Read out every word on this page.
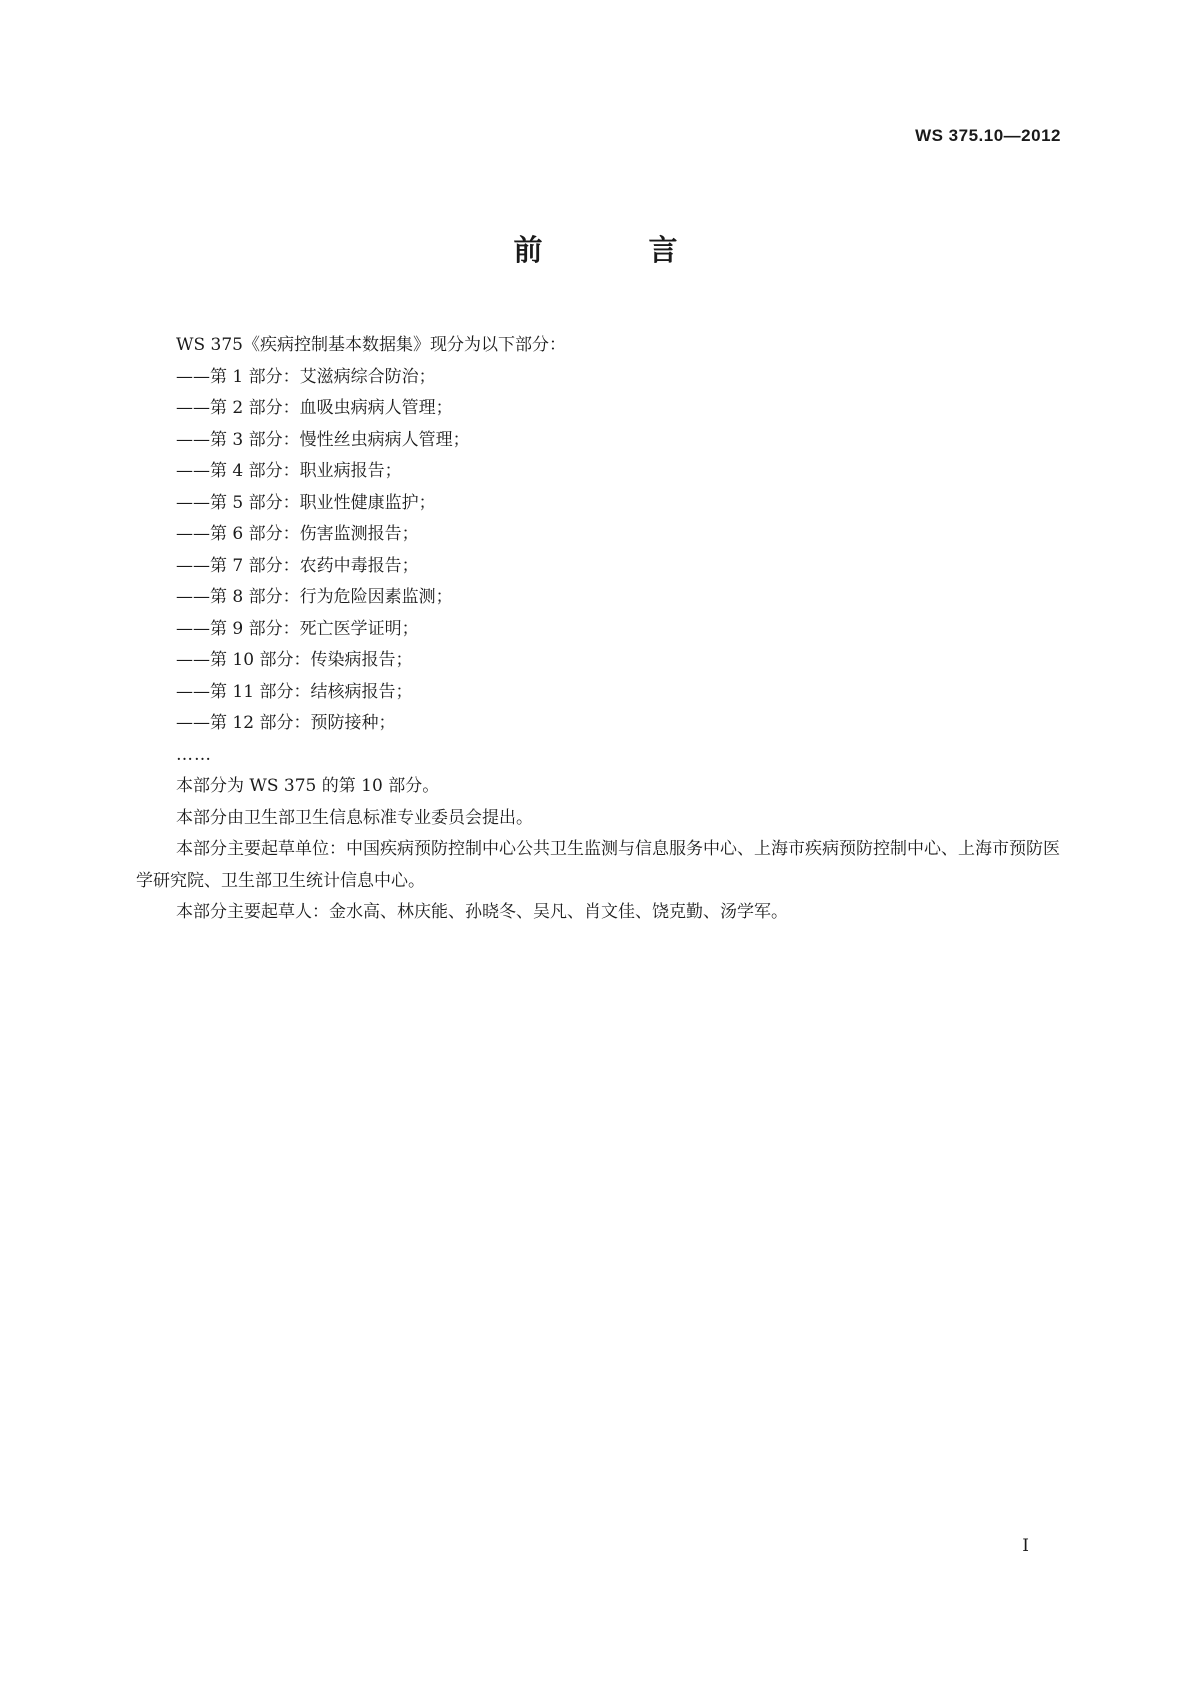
WS 375.10—2012
前 言

WS 375《疾病控制基本数据集》现分为以下部分：

——第 1 部分：艾滋病综合防治；

——第 2 部分：血吸虫病病人管理；

——第 3 部分：慢性丝虫病病人管理；

——第 4 部分：职业病报告；

——第 5 部分：职业性健康监护；

——第 6 部分：伤害监测报告；

——第 7 部分：农药中毒报告；

——第 8 部分：行为危险因素监测；

——第 9 部分：死亡医学证明；

——第 10 部分：传染病报告；

——第 11 部分：结核病报告；

——第 12 部分：预防接种；

……

本部分为 WS 375 的第 10 部分。

本部分由卫生部卫生信息标准专业委员会提出。

本部分主要起草单位：中国疾病预防控制中心公共卫生监测与信息服务中心、上海市疾病预防控制中心、上海市预防医学研究院、卫生部卫生统计信息中心。

本部分主要起草人：金水高、林庆能、孙晓冬、吴凡、肖文佳、饶克勤、汤学军。

I
